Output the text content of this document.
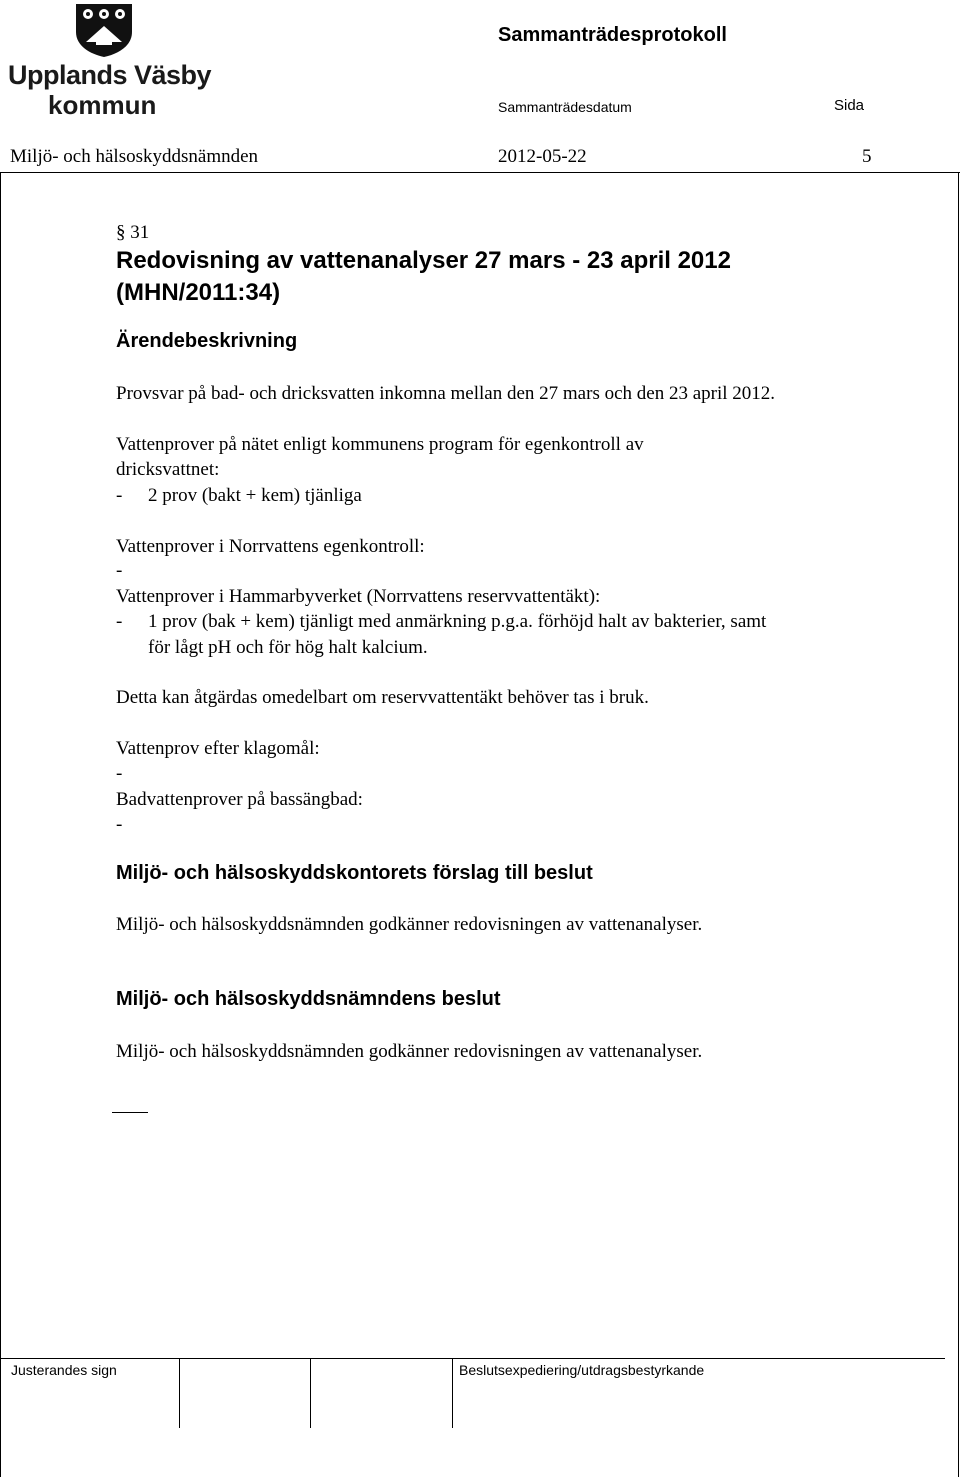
Upplands Väsby
kommun
Sammanträdesprotokoll
Sammanträdesdatum	Sida
Miljö- och hälsoskyddsnämnden	2012-05-22	5
§ 31
Redovisning av vattenanalyser 27 mars - 23 april 2012
(MHN/2011:34)
Ärendebeskrivning
Provsvar på bad- och dricksvatten inkomna mellan den 27 mars och den 23 april 2012.
Vattenprover på nätet enligt kommunens program för egenkontroll av
dricksvattnet:
- 2 prov (bakt + kem) tjänliga
Vattenprover i Norrvattens egenkontroll:
-
Vattenprover i Hammarbyverket (Norrvattens reservvattentäkt):
- 1 prov (bak + kem) tjänligt med anmärkning p.g.a. förhöjd halt av bakterier, samt
för lågt pH och för hög halt kalcium.
Detta kan åtgärdas omedelbart om reservvattentäkt behöver tas i bruk.
Vattenprov efter klagomål:
-
Badvattenprover på bassängbad:
-
Miljö- och hälsoskyddskontorets förslag till beslut
Miljö- och hälsoskyddsnämnden godkänner redovisningen av vattenanalyser.
Miljö- och hälsoskyddsnämndens beslut
Miljö- och hälsoskyddsnämnden godkänner redovisningen av vattenanalyser.
Justerandes sign	Beslutsexpediering/utdragsbestyrkande
